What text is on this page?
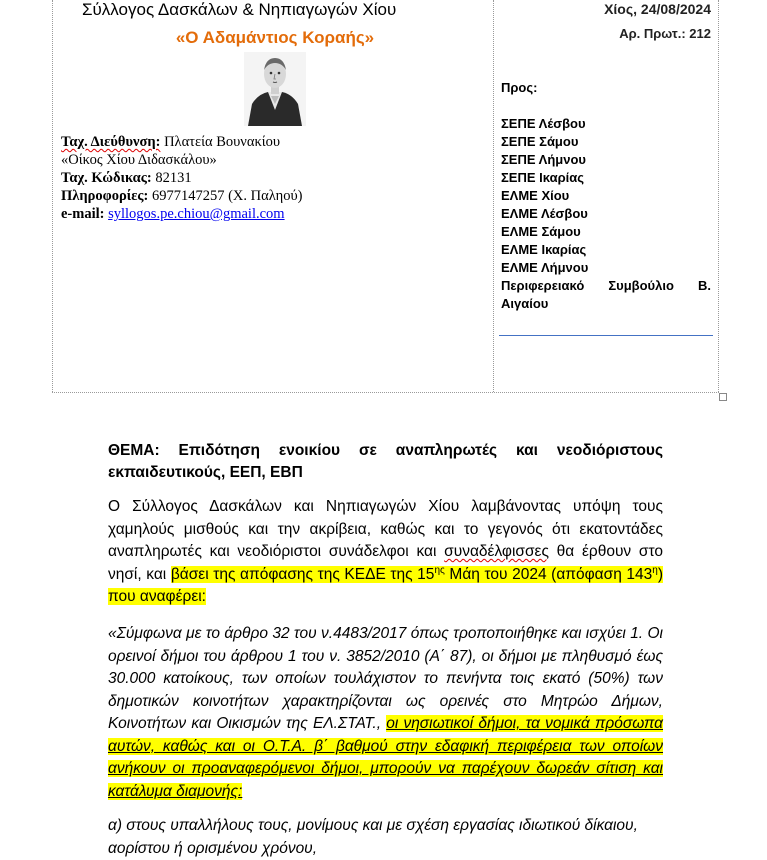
Σύλλογος Δασκάλων & Νηπιαγωγών Χίου
«Ο Αδαμάντιος Κοραής»
Ταχ. Διεύθυνση: Πλατεία Βουνακίου
«Οίκος Χίου Διδασκάλου»
Ταχ. Κώδικας: 82131
Πληροφορίες: 6977147257 (Χ. Παληού)
e-mail: syllogos.pe.chiou@gmail.com
Χίος, 24/08/2024
Αρ. Πρωτ.: 212
Προς:
ΣΕΠΕ Λέσβου
ΣΕΠΕ Σάμου
ΣΕΠΕ Λήμνου
ΣΕΠΕ Ικαρίας
ΕΛΜΕ Χίου
ΕΛΜΕ Λέσβου
ΕΛΜΕ Σάμου
ΕΛΜΕ Ικαρίας
ΕΛΜΕ Λήμνου
Περιφερειακό Συμβούλιο Β.
Αιγαίου
ΘΕΜΑ: Επιδότηση ενοικίου σε αναπληρωτές και νεοδιόριστους εκπαιδευτικούς, ΕΕΠ, ΕΒΠ
Ο Σύλλογος Δασκάλων και Νηπιαγωγών Χίου λαμβάνοντας υπόψη τους χαμηλούς μισθούς και την ακρίβεια, καθώς και το γεγονός ότι εκατοντάδες αναπληρωτές και νεοδιόριστοι συνάδελφοι και συναδέλφισσες θα έρθουν στο νησί, και βάσει της απόφασης της ΚΕΔΕ της $15^{\eta\varsigma}$ Μάη του 2024 (απόφαση $143^\eta$) που αναφέρει:
«Σύμφωνα με το άρθρο 32 του ν.4483/2017 όπως τροποποιήθηκε και ισχύει 1. Οι ορεινοί δήμοι του άρθρου 1 του ν. 3852/2010 (Α΄ 87), οι δήμοι με πληθυσμό έως 30.000 κατοίκους, των οποίων τουλάχιστον το πενήντα τοις εκατό (50%) των δημοτικών κοινοτήτων χαρακτηρίζονται ως ορεινές στο Μητρώο Δήμων, Κοινοτήτων και Οικισμών της ΕΛ.ΣΤΑΤ., οι νησιωτικοί δήμοι, τα νομικά πρόσωπα αυτών, καθώς και οι Ο.Τ.Α. β΄ βαθμού στην εδαφική περιφέρεια των οποίων ανήκουν οι προαναφερόμενοι δήμοι, μπορούν να παρέχουν δωρεάν σίτιση και κατάλυμα διαμονής:
α) στους υπαλλήλους τους, μονίμους και με σχέση εργασίας ιδιωτικού δίκαιου, αορίστου ή ορισμένου χρόνου,
